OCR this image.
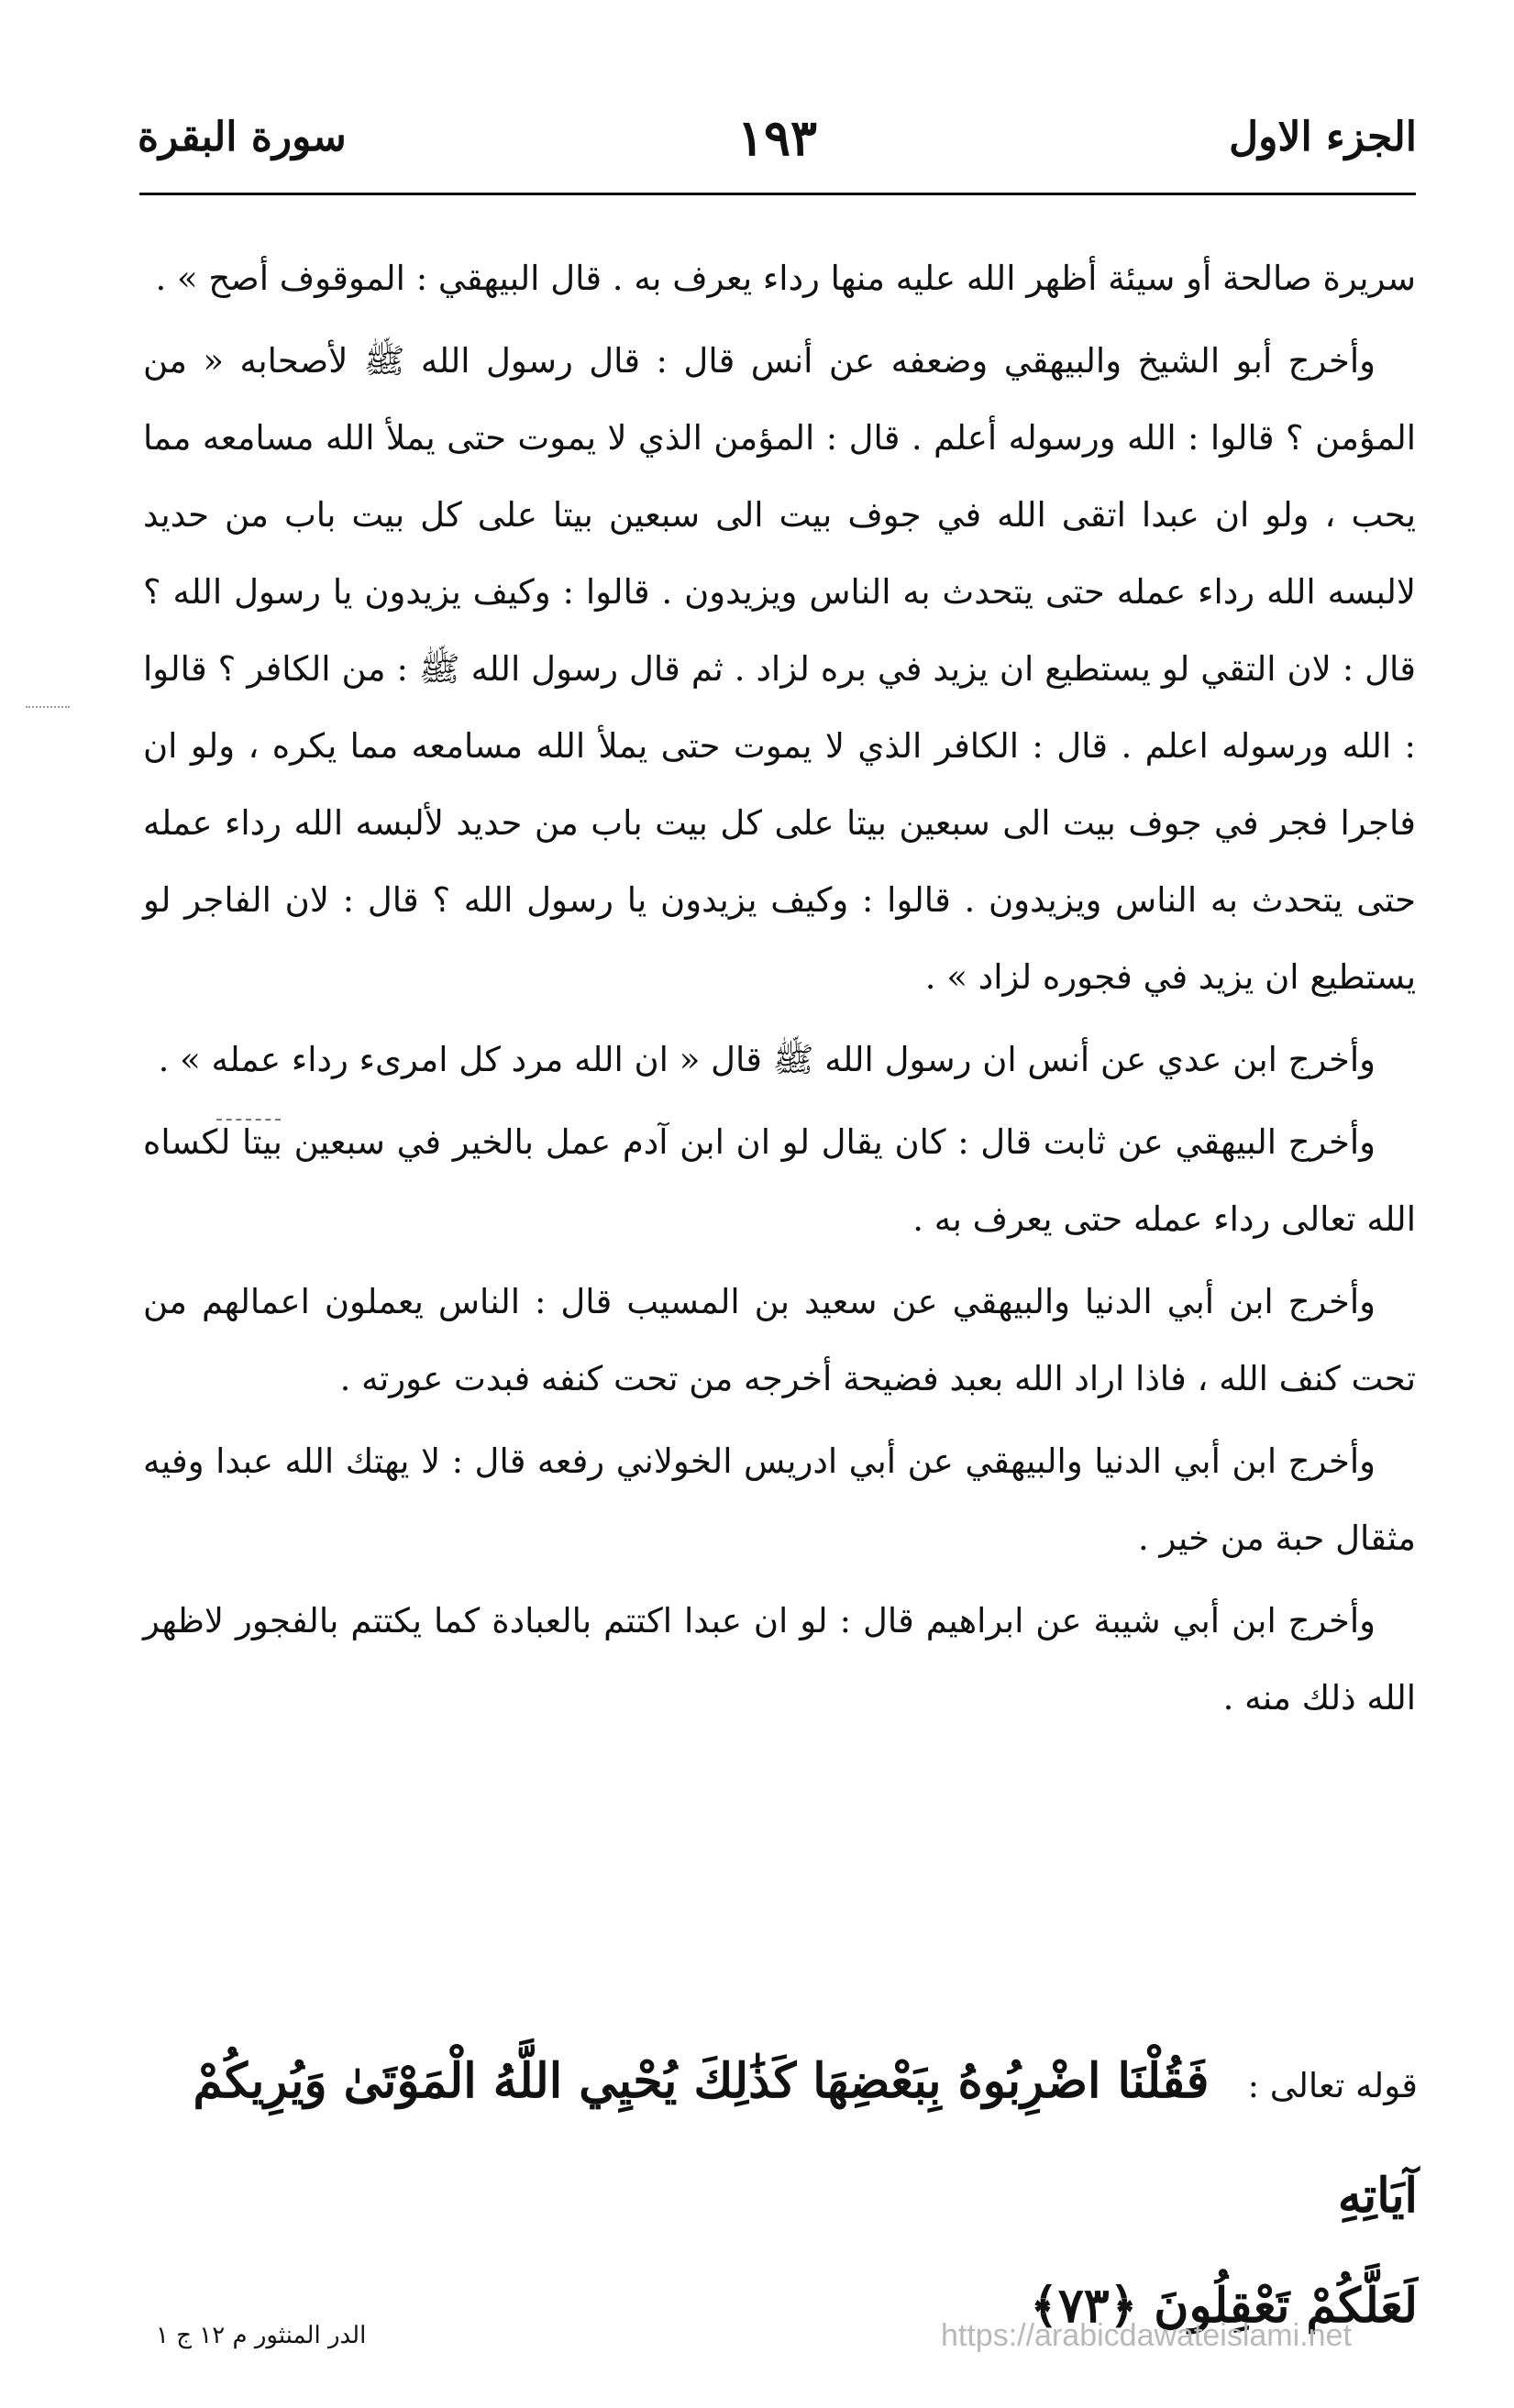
الجزء الاول
١٩٣
سورة البقرة

سريرة صالحة أو سيئة أظهر الله عليه منها رداء يعرف به . قال البيهقي : الموقوف أصح » .

وأخرج أبو الشيخ والبيهقي وضعفه عن أنس قال : قال رسول الله ﷺ لأصحابه « من المؤمن ؟ قالوا : الله ورسوله أعلم . قال : المؤمن الذي لا يموت حتى يملأ الله مسامعه مما يحب ، ولو ان عبدا اتقى الله في جوف بيت الى سبعين بيتا على كل بيت باب من حديد لالبسه الله رداء عمله حتى يتحدث به الناس ويزيدون . قالوا : وكيف يزيدون يا رسول الله ؟ قال : لان التقي لو يستطيع ان يزيد في بره لزاد . ثم قال رسول الله ﷺ : من الكافر ؟ قالوا : الله ورسوله اعلم . قال : الكافر الذي لا يموت حتى يملأ الله مسامعه مما يكره ، ولو ان فاجرا فجر في جوف بيت الى سبعين بيتا على كل بيت باب من حديد لألبسه الله رداء عمله حتى يتحدث به الناس ويزيدون . قالوا : وكيف يزيدون يا رسول الله ؟ قال : لان الفاجر لو يستطيع ان يزيد في فجوره لزاد » .

وأخرج ابن عدي عن أنس ان رسول الله ﷺ قال « ان الله مرد كل امرىء رداء عمله » .

وأخرج البيهقي عن ثابت قال : كان يقال لو ان ابن آدم عمل بالخير في سبعين بيتا لكساه الله تعالى رداء عمله حتى يعرف به .

وأخرج ابن أبي الدنيا والبيهقي عن سعيد بن المسيب قال : الناس يعملون اعمالهم من تحت كنف الله ، فاذا اراد الله بعبد فضيحة أخرجه من تحت كنفه فبدت عورته .

وأخرج ابن أبي الدنيا والبيهقي عن أبي ادريس الخولاني رفعه قال : لا يهتك الله عبدا وفيه مثقال حبة من خير .

وأخرج ابن أبي شيبة عن ابراهيم قال : لو ان عبدا اكتتم بالعبادة كما يكتتم بالفجور لاظهر الله ذلك منه .

قوله تعالى : فَقُلْنَا اضْرِبُوهُ بِبَعْضِهَا كَذَٰلِكَ يُحْيِي اللَّهُ الْمَوْتَىٰ وَيُرِيكُمْ آيَاتِهِ
لَعَلَّكُمْ تَعْقِلُونَ ﴿٧٣﴾
الدر المنثور م ١٢ ج ١	https://arabicdawateislami.net
